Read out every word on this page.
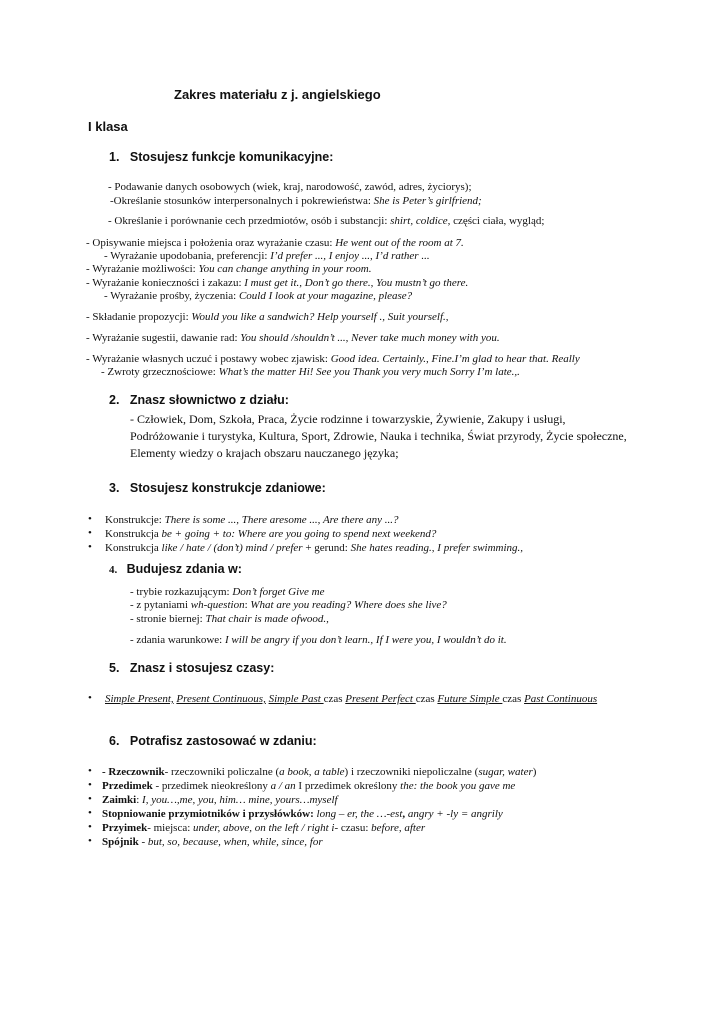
Zakres materiału z j. angielskiego
I klasa
1. Stosujesz funkcje komunikacyjne:
- Podawanie danych osobowych (wiek, kraj, narodowość, zawód, adres, życiorys);
-Określanie stosunków interpersonalnych i pokrewieństwa: She is Peter’s girlfriend;
- Określanie i porównanie cech przedmiotów, osób i substancji: shirt, coldice, części ciała, wygląd;
- Opisywanie miejsca i położenia oraz wyrażanie czasu: He went out of the room at 7.
- Wyrażanie upodobania, preferencji: I’d prefer ..., I enjoy ..., I’d rather ...
- Wyrażanie możliwości: You can change anything in your room.
- Wyrażanie konieczności i zakazu: I must get it., Don’t go there., You mustn’t go there.
- Wyrażanie prośby, życzenia: Could I look at your magazine, please?
- Składanie propozycji: Would you like a sandwich? Help yourself ., Suit yourself.,
- Wyrażanie sugestii, dawanie rad: You should /shouldn’t ..., Never take much money with you.
- Wyrażanie własnych uczuć i postawy wobec zjawisk: Good idea. Certainly., Fine.I’m glad to hear that. Really
- Zwroty grzecznościowe: What’s the matter Hi! See you Thank you very much Sorry I’m late.,.
2. Znasz słownictwo z działu:
- Człowiek, Dom, Szkoła, Praca, Życie rodzinne i towarzyskie, Żywienie, Zakupy i usługi,
Podróżowanie i turystyka, Kultura, Sport, Zdrowie, Nauka i technika, Świat przyrody, Życie społeczne,
Elementy wiedzy o krajach obszaru nauczanego języka;
3. Stosujesz konstrukcje zdaniowe:
• Konstrukcje: There is some ..., There aresome ..., Are there any ...?
• Konstrukcja be + going + to: Where are you going to spend next weekend?
• Konstrukcja like / hate / (don’t) mind / prefer + gerund: She hates reading., I prefer swimming.,
4. Budujesz zdania w:
- trybie rozkazującym: Don’t forget Give me
- z pytaniami wh-question: What are you reading? Where does she live?
- stronie biernej: That chair is made ofwood.,
- zdania warunkowe: I will be angry if you don’t learn., If I were you, I wouldn’t do it.
5. Znasz i stosujesz czasy:
• Simple Present, Present Continuous, Simple Past czas Present Perfect czas Future Simple czas Past Continuous
6. Potrafisz zastosować w zdaniu:
• - Rzeczownik- rzeczowniki policzalne (a book, a table) i rzeczowniki niepoliczalne (sugar, water)
• Przedimek - przedimek nieokreślony a / an I przedimek określony the: the book you gave me
• Zaimki: I, you…,me, you, him… mine, yours…myself
• Stopniowanie przymiotników i przysłówków: long – er, the …-est, angry + -ly = angrily
• Przyimek- miejsca: under, above, on the left / right i- czasu: before, after
• Spójnik - but, so, because, when, while, since, for
